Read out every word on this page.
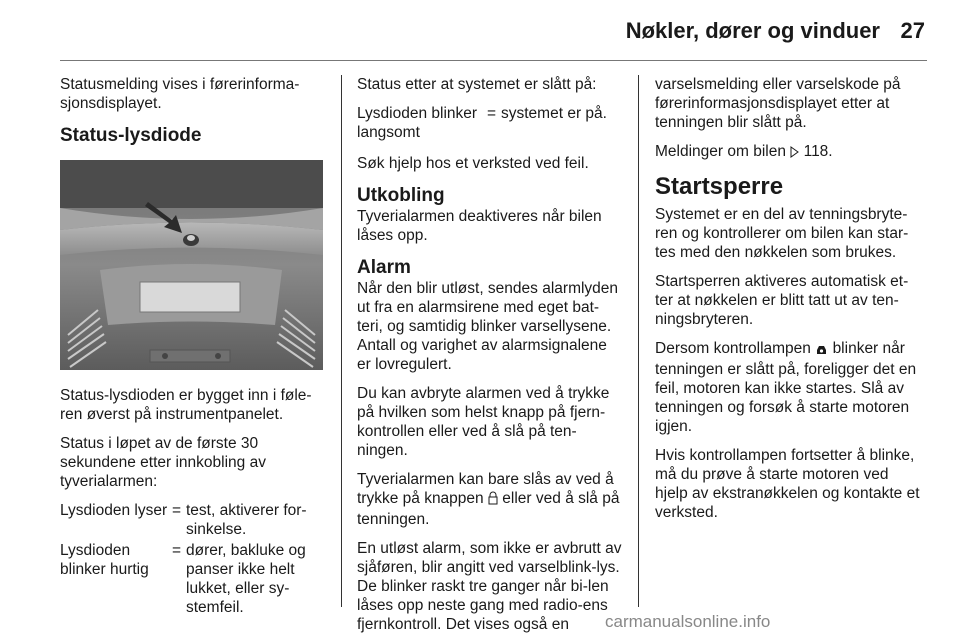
Nøkler, dører og vinduer 27

Statusmelding vises i førerinforma-sjonsdisplayet.

Status-lysdiode

Status-lysdioden er bygget inn i føle-ren øverst på instrumentpanelet.

Status i løpet av de første 30 sekundene etter innkobling av tyverialarmen:

Lysdioden lyser = test, aktiverer for-sinkelse.
Lysdioden blinker hurtig
= dører, bakluke og panser ikke helt lukket, eller sy-stemfeil.

Status etter at systemet er slått på:

Lysdioden blinker langsomt
= systemet er på.

Søk hjelp hos et verksted ved feil.

Utkobling

Tyverialarmen deaktiveres når bilen låses opp.

Alarm

Når den blir utløst, sendes alarmlyden ut fra en alarmsirene med eget bat-teri, og samtidig blinker varsellysene. Antall og varighet av alarmsignalene er lovregulert.

Du kan avbryte alarmen ved å trykke på hvilken som helst knapp på fjern-kontrollen eller ved å slå på ten-ningen.

Tyverialarmen kan bare slås av ved å trykke på knappen eller ved å slå på tenningen.

En utløst alarm, som ikke er avbrutt av sjåføren, blir angitt ved varselblink-lys. De blinker raskt tre ganger når bi-len låses opp neste gang med radio-ens fjernkontroll. Det vises også en

varselsmelding eller varselskode på førerinformasjonsdisplayet etter at tenningen blir slått på.

Meldinger om bilen 118.

Startsperre

Systemet er en del av tenningsbryte-ren og kontrollerer om bilen kan star-tes med den nøkkelen som brukes.

Startsperren aktiveres automatisk et-ter at nøkkelen er blitt tatt ut av ten-ningsbryteren.

Dersom kontrollampen blinker når tenningen er slått på, foreligger det en feil, motoren kan ikke startes. Slå av tenningen og forsøk å starte motoren igjen.

Hvis kontrollampen fortsetter å blinke, må du prøve å starte motoren ved hjelp av ekstranøkkelen og kontakte et verksted.

carmanualsonline.info
